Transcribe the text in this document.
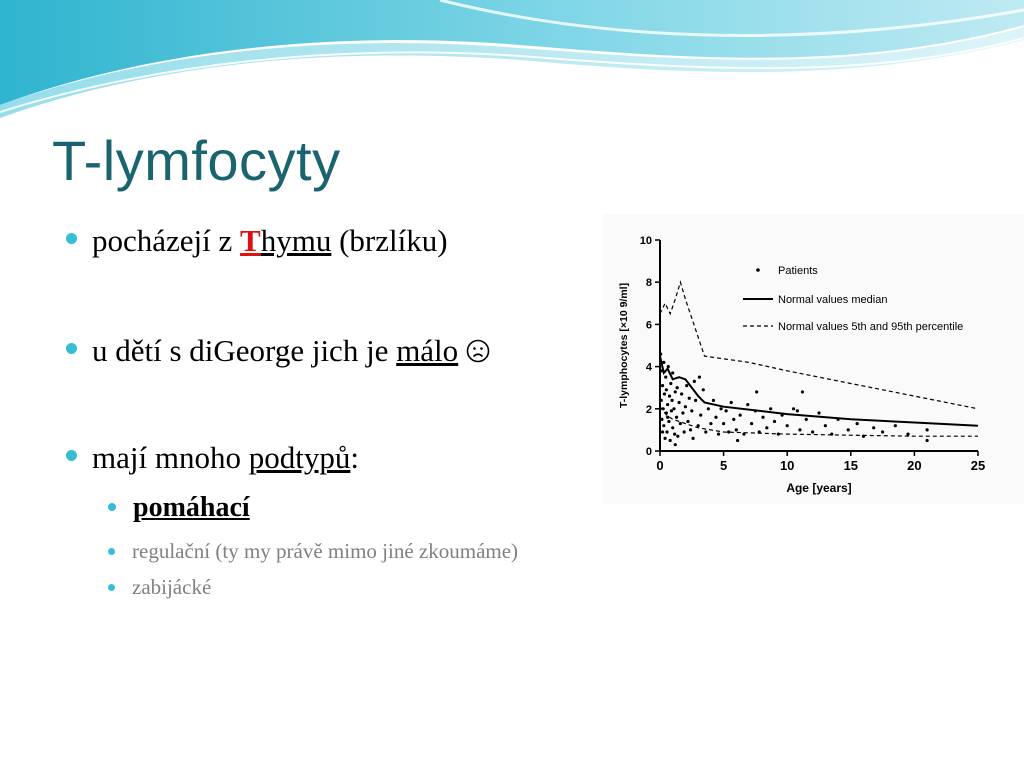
T-lymfocyty
pocházejí z Thymu (brzlíku)
u dětí s diGeorge jich je málo
mají mnoho podtypů:
pomáhací
regulační (ty my právě mimo jiné zkoumáme)
zabijácké
0
2
4
6
8
10
0	5	10	15	20	25
Age [years]
T-lymphocytes [×10 9/ml]
Patients
Normal values median
Normal values 5th and 95th percentile
